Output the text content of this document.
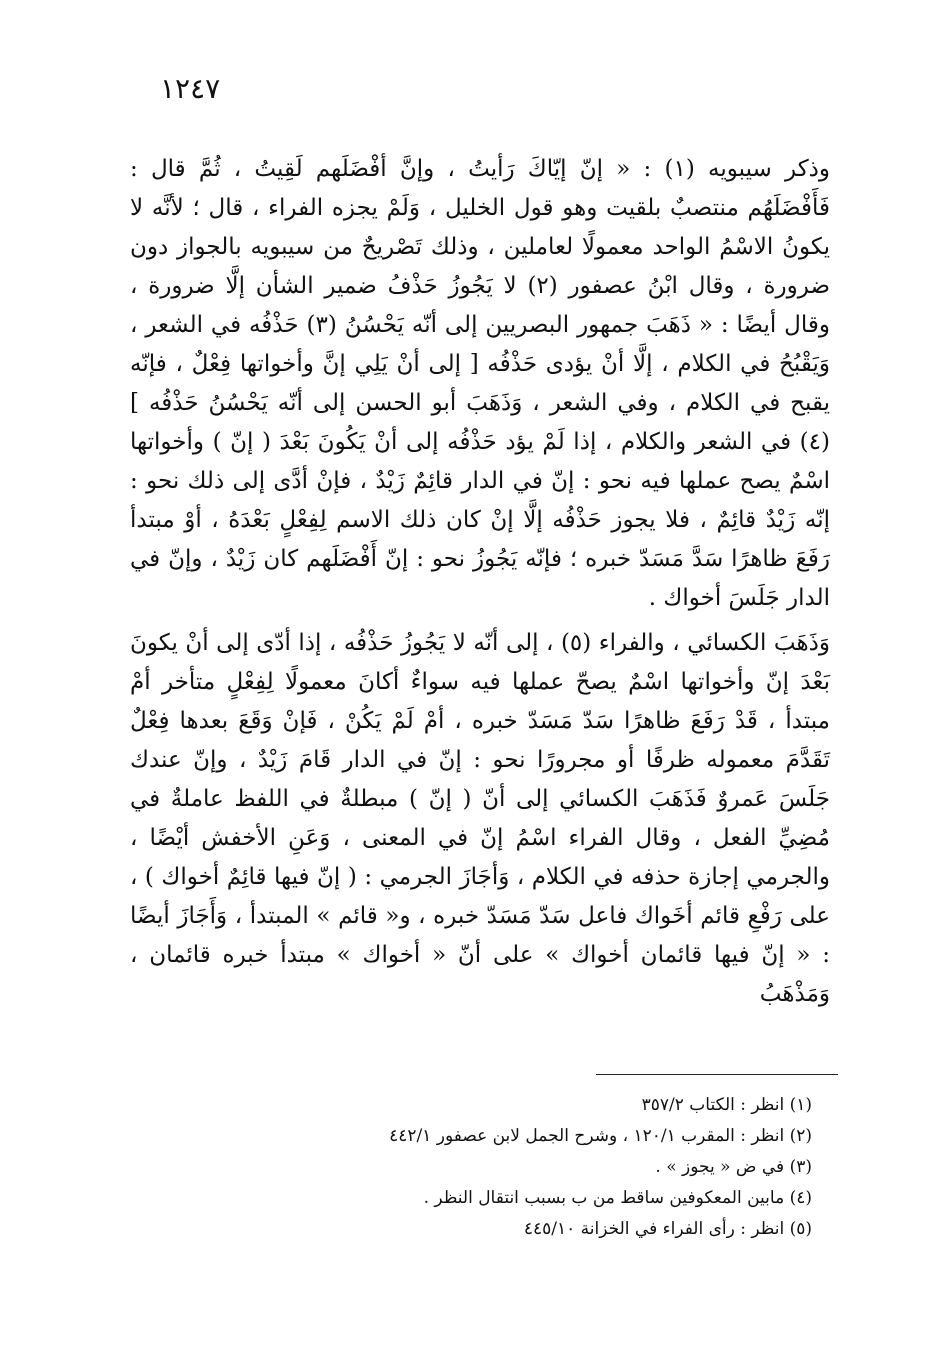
١٢٤٧

وذكر سيبويه (١) : « إنّ إيّاكَ رَأيتُ ، وإنَّ أفْضَلَهم لَقِيتُ ، ثُمَّ قال : فَأَفْضَلَهُم منتصبٌ بلقيت وهو قول الخليل ، وَلَمْ يجزه الفراء ، قال ؛ لأنَّه لا يكونُ الاسْمُ الواحد معمولًا لعاملين ، وذلك تَصْريحٌ من سيبويه بالجواز دون ضرورة ، وقال ابْنُ عصفور (٢) لا يَجُوزُ حَذْفُ ضمير الشأن إلَّا ضرورة ، وقال أيضًا : « ذَهَبَ جمهور البصريين إلى أنّه يَحْسُنُ (٣) حَذْفُه في الشعر ، وَيَقْبُحُ في الكلام ، إلَّا أنْ يؤدى حَذْفُه [ إلى أنْ يَلِي إنَّ وأخواتها فِعْلٌ ، فإنّه يقبح في الكلام ، وفي الشعر ، وَذَهَبَ أبو الحسن إلى أنّه يَحْسُنُ حَذْفُه ] (٤) في الشعر والكلام ، إذا لَمْ يؤد حَذْفُه إلى أنْ يَكُونَ بَعْدَ ( إنّ ) وأخواتها اسْمٌ يصح عملها فيه نحو : إنّ في الدار قائِمٌ زَيْدٌ ، فإنْ أدَّى إلى ذلك نحو : إنّه زَيْدٌ قائِمٌ ، فلا يجوز حَذْفُه إلَّا إنْ كان ذلك الاسم لِفِعْلٍ بَعْدَهُ ، أوْ مبتدأ رَفَعَ ظاهرًا سَدَّ مَسَدّ خبره ؛ فإنّه يَجُوزُ نحو : إنّ أَفْضَلَهم كان زَيْدٌ ، وإنّ في الدار جَلَسَ أخواك .

وَذَهَبَ الكسائي ، والفراء (٥) ، إلى أنّه لا يَجُوزُ حَذْفُه ، إذا أدّى إلى أنْ يكونَ بَعْدَ إنّ وأخواتها اسْمٌ يصحّ عملها فيه سواءٌ أكانَ معمولًا لِفِعْلٍ متأخر أمْ مبتدأ ، قَدْ رَفَعَ ظاهرًا سَدّ مَسَدّ خبره ، أمْ لَمْ يَكُنْ ، فَإنْ وَقَعَ بعدها فِعْلٌ تَقَدَّمَ معموله ظرفًا أو مجرورًا نحو : إنّ في الدار قَامَ زَيْدٌ ، وإنّ عندك جَلَسَ عَمروٌ فَذَهَبَ الكسائي إلى أنّ ( إنّ ) مبطلةٌ في اللفظ عاملةٌ في مُضِيِّ الفعل ، وقال الفراء اسْمُ إنّ في المعنى ، وَعَنِ الأخفش أيْضًا ، والجرمي إجازة حذفه في الكلام ، وَأجَازَ الجرمي : ( إنّ فيها قائِمٌ أخواك ) ، على رَفْعِ قائم أخَواك فاعل سَدّ مَسَدّ خبره ، و« قائم » المبتدأ ، وَأَجَازَ أيضًا : « إنّ فيها قائمان أخواك » على أنّ « أخواك » مبتدأ خبره قائمان ، وَمَذْهَبُ

(١) انظر : الكتاب ٣٥٧/٢
(٢) انظر : المقرب ١٢٠/١ ، وشرح الجمل لابن عصفور ٤٤٢/١
(٣) في ض « يجوز » .
(٤) مابين المعكوفين ساقط من ب بسبب انتقال النظر .
(٥) انظر : رأى الفراء في الخزانة ٤٤٥/١٠
